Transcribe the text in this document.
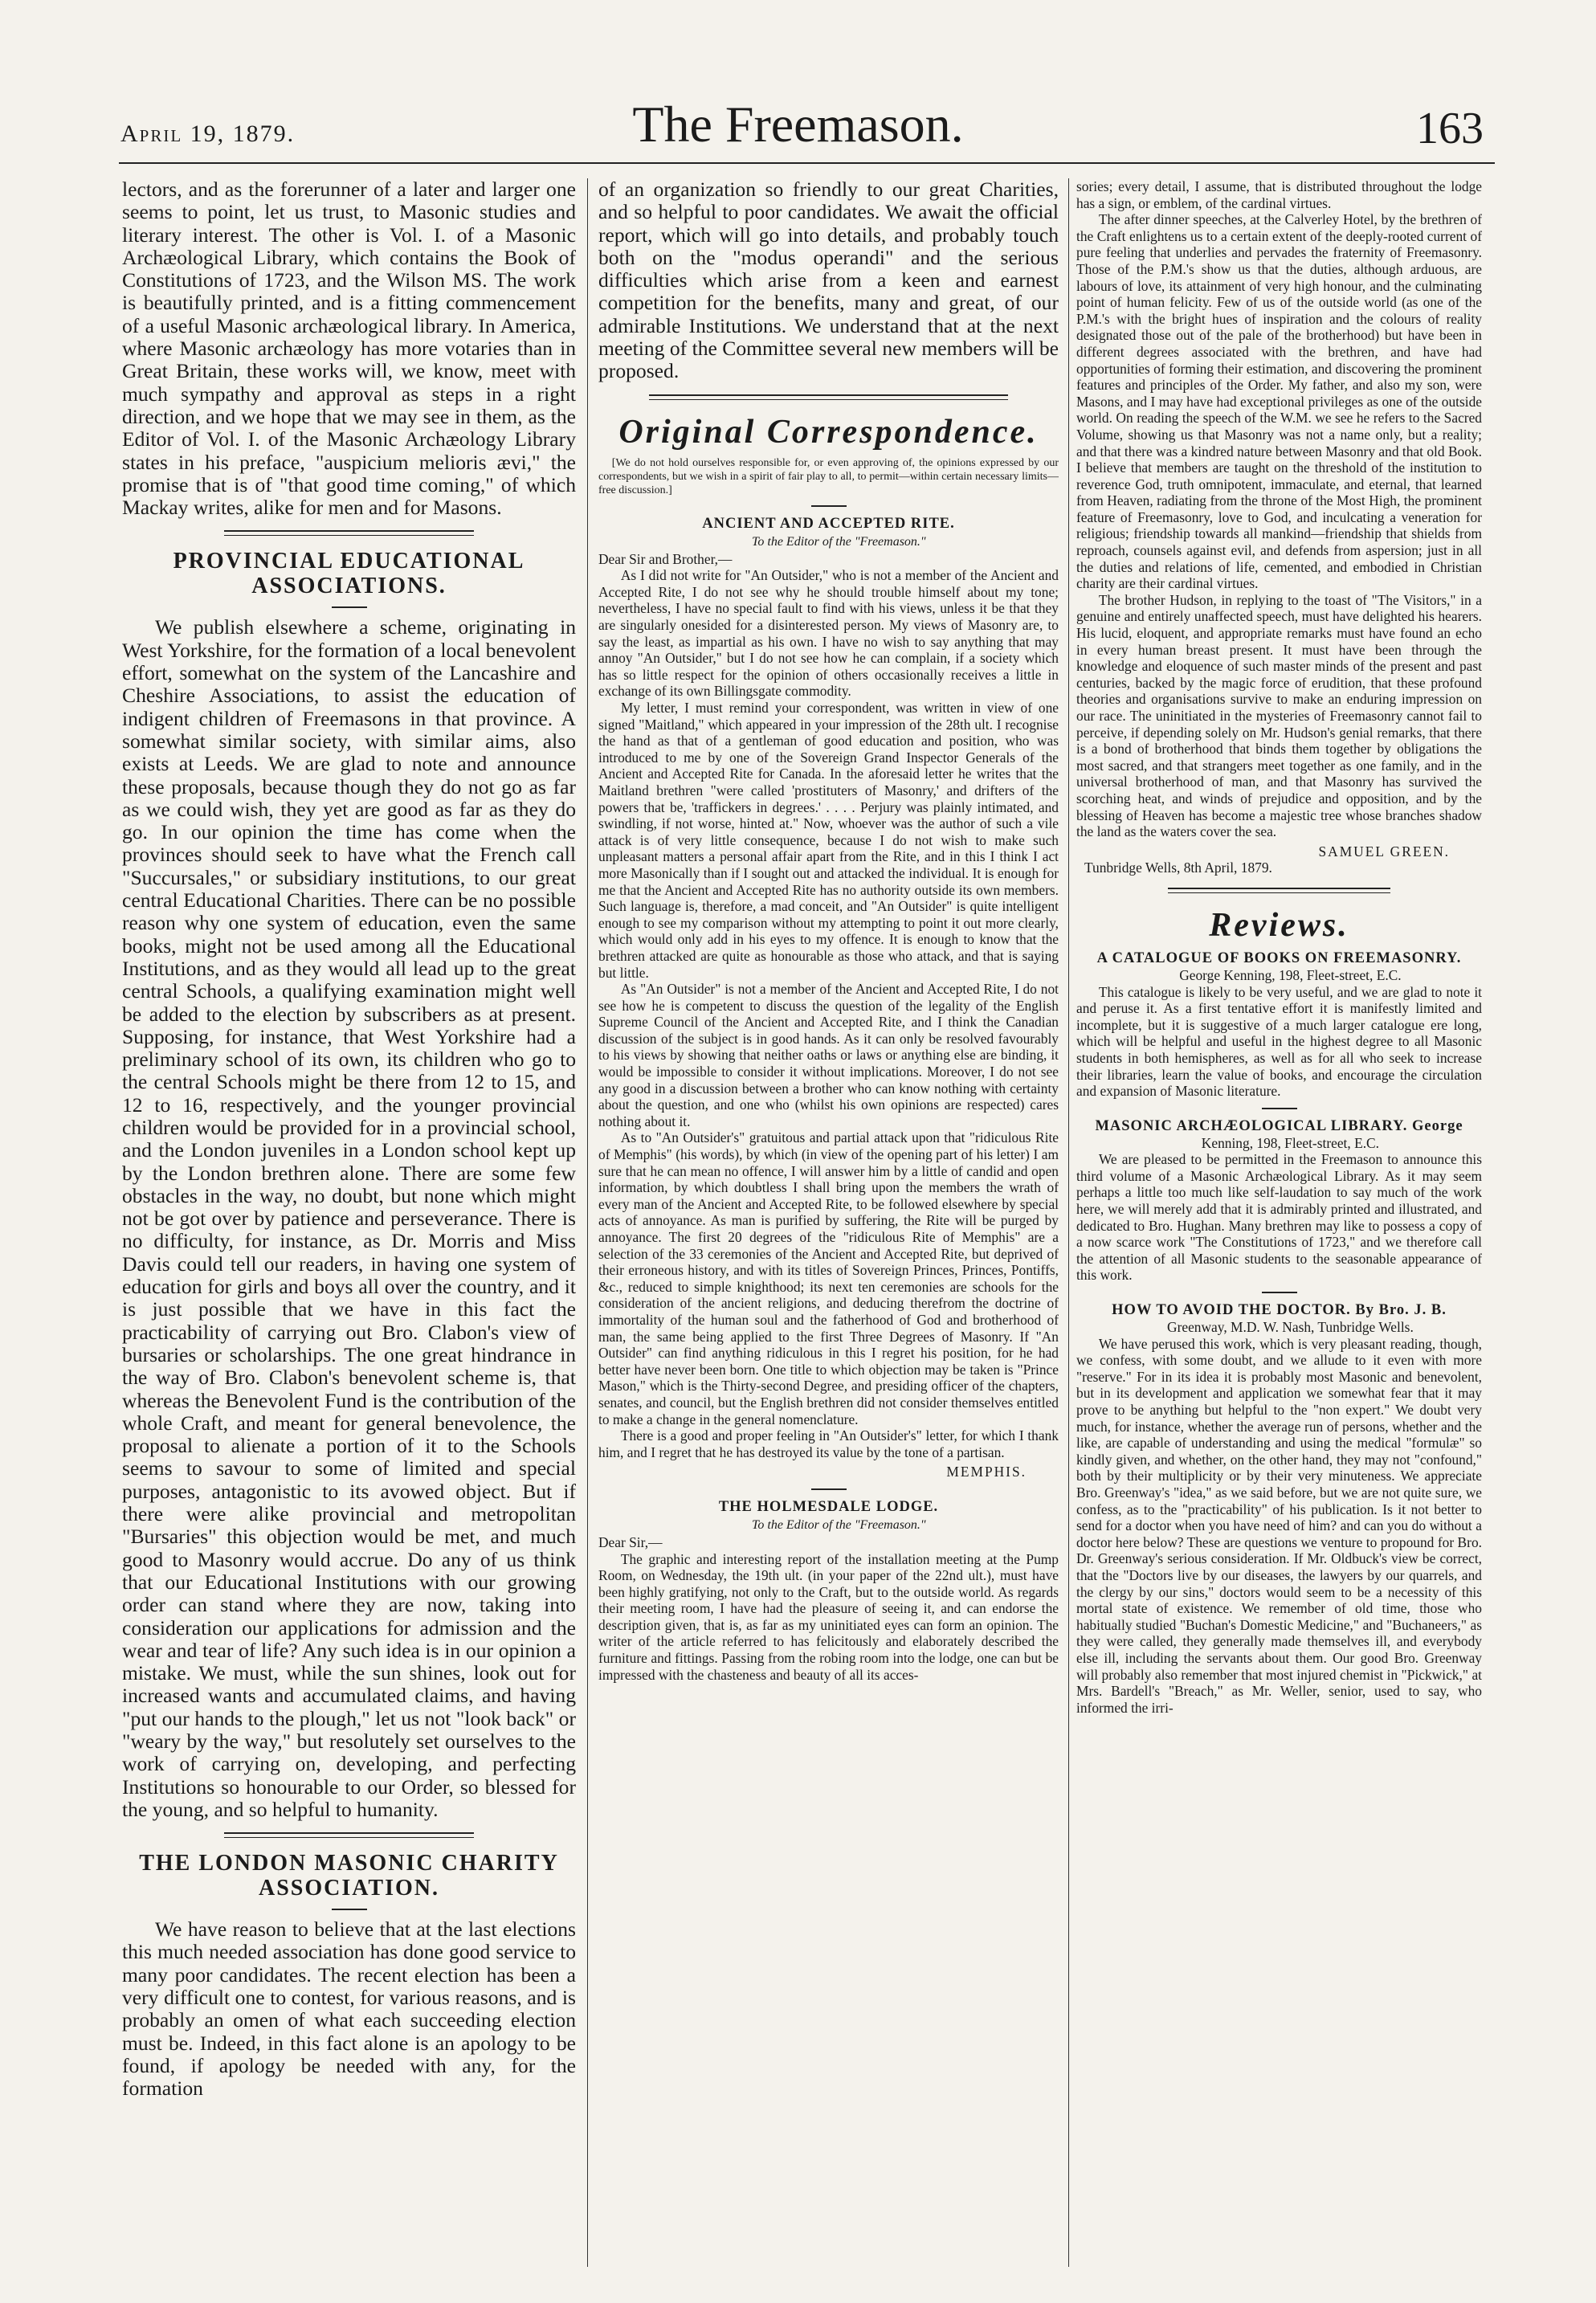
April 19, 1879.	The Freemason.	163

lectors, and as the forerunner of a later and larger one seems to point, let us trust, to Masonic studies and literary interest. The other is Vol. I. of a Masonic Archæological Library, which contains the Book of Constitutions of 1723, and the Wilson MS. The work is beautifully printed, and is a fitting commencement of a useful Masonic archæological library. In America, where Masonic archæology has more votaries than in Great Britain, these works will, we know, meet with much sympathy and approval as steps in a right direction, and we hope that we may see in them, as the Editor of Vol. I. of the Masonic Archæology Library states in his preface, "auspicium melioris ævi," the promise that is of "that good time coming," of which Mackay writes, alike for men and for Masons.

PROVINCIAL EDUCATIONAL ASSOCIATIONS.

We publish elsewhere a scheme, originating in West Yorkshire, for the formation of a local benevolent effort, somewhat on the system of the Lancashire and Cheshire Associations, to assist the education of indigent children of Freemasons in that province. A somewhat similar society, with similar aims, also exists at Leeds. We are glad to note and announce these proposals, because though they do not go as far as we could wish, they yet are good as far as they do go. In our opinion the time has come when the provinces should seek to have what the French call "Succursales," or subsidiary institutions, to our great central Educational Charities. There can be no possible reason why one system of education, even the same books, might not be used among all the Educational Institutions, and as they would all lead up to the great central Schools, a qualifying examination might well be added to the election by subscribers as at present. Supposing, for instance, that West Yorkshire had a preliminary school of its own, its children who go to the central Schools might be there from 12 to 15, and 12 to 16, respectively, and the younger provincial children would be provided for in a provincial school, and the London juveniles in a London school kept up by the London brethren alone. There are some few obstacles in the way, no doubt, but none which might not be got over by patience and perseverance. There is no difficulty, for instance, as Dr. Morris and Miss Davis could tell our readers, in having one system of education for girls and boys all over the country, and it is just possible that we have in this fact the practicability of carrying out Bro. Clabon's view of bursaries or scholarships. The one great hindrance in the way of Bro. Clabon's benevolent scheme is, that whereas the Benevolent Fund is the contribution of the whole Craft, and meant for general benevolence, the proposal to alienate a portion of it to the Schools seems to savour to some of limited and special purposes, antagonistic to its avowed object. But if there were alike provincial and metropolitan "Bursaries" this objection would be met, and much good to Masonry would accrue. Do any of us think that our Educational Institutions with our growing order can stand where they are now, taking into consideration our applications for admission and the wear and tear of life? Any such idea is in our opinion a mistake. We must, while the sun shines, look out for increased wants and accumulated claims, and having "put our hands to the plough," let us not "look back" or "weary by the way," but resolutely set ourselves to the work of carrying on, developing, and perfecting Institutions so honourable to our Order, so blessed for the young, and so helpful to humanity.

THE LONDON MASONIC CHARITY ASSOCIATION.

We have reason to believe that at the last elections this much needed association has done good service to many poor candidates. The recent election has been a very difficult one to contest, for various reasons, and is probably an omen of what each succeeding election must be. Indeed, in this fact alone is an apology to be found, if apology be needed with any, for the formation

of an organization so friendly to our great Charities, and so helpful to poor candidates. We await the official report, which will go into details, and probably touch both on the "modus operandi" and the serious difficulties which arise from a keen and earnest competition for the benefits, many and great, of our admirable Institutions. We understand that at the next meeting of the Committee several new members will be proposed.

Original Correspondence.

[We do not hold ourselves responsible for, or even approving of, the opinions expressed by our correspondents, but we wish in a spirit of fair play to all, to permit—within certain necessary limits—free discussion.]

ANCIENT AND ACCEPTED RITE.

To the Editor of the "Freemason."

Dear Sir and Brother,—

As I did not write for "An Outsider," who is not a member of the Ancient and Accepted Rite, I do not see why he should trouble himself about my tone; nevertheless, I have no special fault to find with his views, unless it be that they are singularly onesided for a disinterested person. My views of Masonry are, to say the least, as impartial as his own. I have no wish to say anything that may annoy "An Outsider," but I do not see how he can complain, if a society which has so little respect for the opinion of others occasionally receives a little in exchange of its own Billingsgate commodity.

My letter, I must remind your correspondent, was written in view of one signed "Maitland," which appeared in your impression of the 28th ult. I recognise the hand as that of a gentleman of good education and position, who was introduced to me by one of the Sovereign Grand Inspector Generals of the Ancient and Accepted Rite for Canada. In the aforesaid letter he writes that the Maitland brethren "were called 'prostituters of Masonry,' and drifters of the powers that be, 'traffickers in degrees.' . . . . Perjury was plainly intimated, and swindling, if not worse, hinted at." Now, whoever was the author of such a vile attack is of very little consequence, because I do not wish to make such unpleasant matters a personal affair apart from the Rite, and in this I think I act more Masonically than if I sought out and attacked the individual. It is enough for me that the Ancient and Accepted Rite has no authority outside its own members. Such language is, therefore, a mad conceit, and "An Outsider" is quite intelligent enough to see my comparison without my attempting to point it out more clearly, which would only add in his eyes to my offence. It is enough to know that the brethren attacked are quite as honourable as those who attack, and that is saying but little.

As "An Outsider" is not a member of the Ancient and Accepted Rite, I do not see how he is competent to discuss the question of the legality of the English Supreme Council of the Ancient and Accepted Rite, and I think the Canadian discussion of the subject is in good hands. As it can only be resolved favourably to his views by showing that neither oaths or laws or anything else are binding, it would be impossible to consider it without implications. Moreover, I do not see any good in a discussion between a brother who can know nothing with certainty about the question, and one who (whilst his own opinions are respected) cares nothing about it.

As to "An Outsider's" gratuitous and partial attack upon that "ridiculous Rite of Memphis" (his words), by which (in view of the opening part of his letter) I am sure that he can mean no offence, I will answer him by a little of candid and open information, by which doubtless I shall bring upon the members the wrath of every man of the Ancient and Accepted Rite, to be followed elsewhere by special acts of annoyance. As man is purified by suffering, the Rite will be purged by annoyance. The first 20 degrees of the "ridiculous Rite of Memphis" are a selection of the 33 ceremonies of the Ancient and Accepted Rite, but deprived of their erroneous history, and with its titles of Sovereign Princes, Princes, Pontiffs, &c., reduced to simple knighthood; its next ten ceremonies are schools for the consideration of the ancient religions, and deducing therefrom the doctrine of immortality of the human soul and the fatherhood of God and brotherhood of man, the same being applied to the first Three Degrees of Masonry. If "An Outsider" can find anything ridiculous in this I regret his position, for he had better have never been born. One title to which objection may be taken is "Prince Mason," which is the Thirty-second Degree, and presiding officer of the chapters, senates, and council, but the English brethren did not consider themselves entitled to make a change in the general nomenclature.

There is a good and proper feeling in "An Outsider's" letter, for which I thank him, and I regret that he has destroyed its value by the tone of a partisan.

MEMPHIS.

THE HOLMESDALE LODGE.

To the Editor of the "Freemason."

Dear Sir,—

The graphic and interesting report of the installation meeting at the Pump Room, on Wednesday, the 19th ult. (in your paper of the 22nd ult.), must have been highly gratifying, not only to the Craft, but to the outside world. As regards their meeting room, I have had the pleasure of seeing it, and can endorse the description given, that is, as far as my uninitiated eyes can form an opinion. The writer of the article referred to has felicitously and elaborately described the furniture and fittings. Passing from the robing room into the lodge, one can but be impressed with the chasteness and beauty of all its acces-

sories; every detail, I assume, that is distributed throughout the lodge has a sign, or emblem, of the cardinal virtues.

The after dinner speeches, at the Calverley Hotel, by the brethren of the Craft enlightens us to a certain extent of the deeply-rooted current of pure feeling that underlies and pervades the fraternity of Freemasonry. Those of the P.M.'s show us that the duties, although arduous, are labours of love, its attainment of very high honour, and the culminating point of human felicity. Few of us of the outside world (as one of the P.M.'s with the bright hues of inspiration and the colours of reality designated those out of the pale of the brotherhood) but have been in different degrees associated with the brethren, and have had opportunities of forming their estimation, and discovering the prominent features and principles of the Order. My father, and also my son, were Masons, and I may have had exceptional privileges as one of the outside world. On reading the speech of the W.M. we see he refers to the Sacred Volume, showing us that Masonry was not a name only, but a reality; and that there was a kindred nature between Masonry and that old Book. I believe that members are taught on the threshold of the institution to reverence God, truth omnipotent, immaculate, and eternal, that learned from Heaven, radiating from the throne of the Most High, the prominent feature of Freemasonry, love to God, and inculcating a veneration for religious; friendship towards all mankind—friendship that shields from reproach, counsels against evil, and defends from aspersion; just in all the duties and relations of life, cemented, and embodied in Christian charity are their cardinal virtues.

The brother Hudson, in replying to the toast of "The Visitors," in a genuine and entirely unaffected speech, must have delighted his hearers. His lucid, eloquent, and appropriate remarks must have found an echo in every human breast present. It must have been through the knowledge and eloquence of such master minds of the present and past centuries, backed by the magic force of erudition, that these profound theories and organisations survive to make an enduring impression on our race. The uninitiated in the mysteries of Freemasonry cannot fail to perceive, if depending solely on Mr. Hudson's genial remarks, that there is a bond of brotherhood that binds them together by obligations the most sacred, and that strangers meet together as one family, and in the universal brotherhood of man, and that Masonry has survived the scorching heat, and winds of prejudice and opposition, and by the blessing of Heaven has become a majestic tree whose branches shadow the land as the waters cover the sea.

SAMUEL GREEN.

Tunbridge Wells, 8th April, 1879.

Reviews.
A CATALOGUE OF BOOKS ON FREEMASONRY.

George Kenning, 198, Fleet-street, E.C.

This catalogue is likely to be very useful, and we are glad to note it and peruse it. As a first tentative effort it is manifestly limited and incomplete, but it is suggestive of a much larger catalogue ere long, which will be helpful and useful in the highest degree to all Masonic students in both hemispheres, as well as for all who seek to increase their libraries, learn the value of books, and encourage the circulation and expansion of Masonic literature.

MASONIC ARCHÆOLOGICAL LIBRARY. George

Kenning, 198, Fleet-street, E.C.

We are pleased to be permitted in the Freemason to announce this third volume of a Masonic Archæological Library. As it may seem perhaps a little too much like self-laudation to say much of the work here, we will merely add that it is admirably printed and illustrated, and dedicated to Bro. Hughan. Many brethren may like to possess a copy of a now scarce work "The Constitutions of 1723," and we therefore call the attention of all Masonic students to the seasonable appearance of this work.

HOW TO AVOID THE DOCTOR. By Bro. J. B.

Greenway, M.D. W. Nash, Tunbridge Wells.

We have perused this work, which is very pleasant reading, though, we confess, with some doubt, and we allude to it even with more "reserve." For in its idea it is probably most Masonic and benevolent, but in its development and application we somewhat fear that it may prove to be anything but helpful to the "non expert." We doubt very much, for instance, whether the average run of persons, whether and the like, are capable of understanding and using the medical "formulæ" so kindly given, and whether, on the other hand, they may not "confound," both by their multiplicity or by their very minuteness. We appreciate Bro. Greenway's "idea," as we said before, but we are not quite sure, we confess, as to the "practicability" of his publication. Is it not better to send for a doctor when you have need of him? and can you do without a doctor here below? These are questions we venture to propound for Bro. Dr. Greenway's serious consideration. If Mr. Oldbuck's view be correct, that the "Doctors live by our diseases, the lawyers by our quarrels, and the clergy by our sins," doctors would seem to be a necessity of this mortal state of existence. We remember of old time, those who habitually studied "Buchan's Domestic Medicine," and "Buchaneers," as they were called, they generally made themselves ill, and everybody else ill, including the servants about them. Our good Bro. Greenway will probably also remember that most injured chemist in "Pickwick," at Mrs. Bardell's "Breach," as Mr. Weller, senior, used to say, who informed the irri-
